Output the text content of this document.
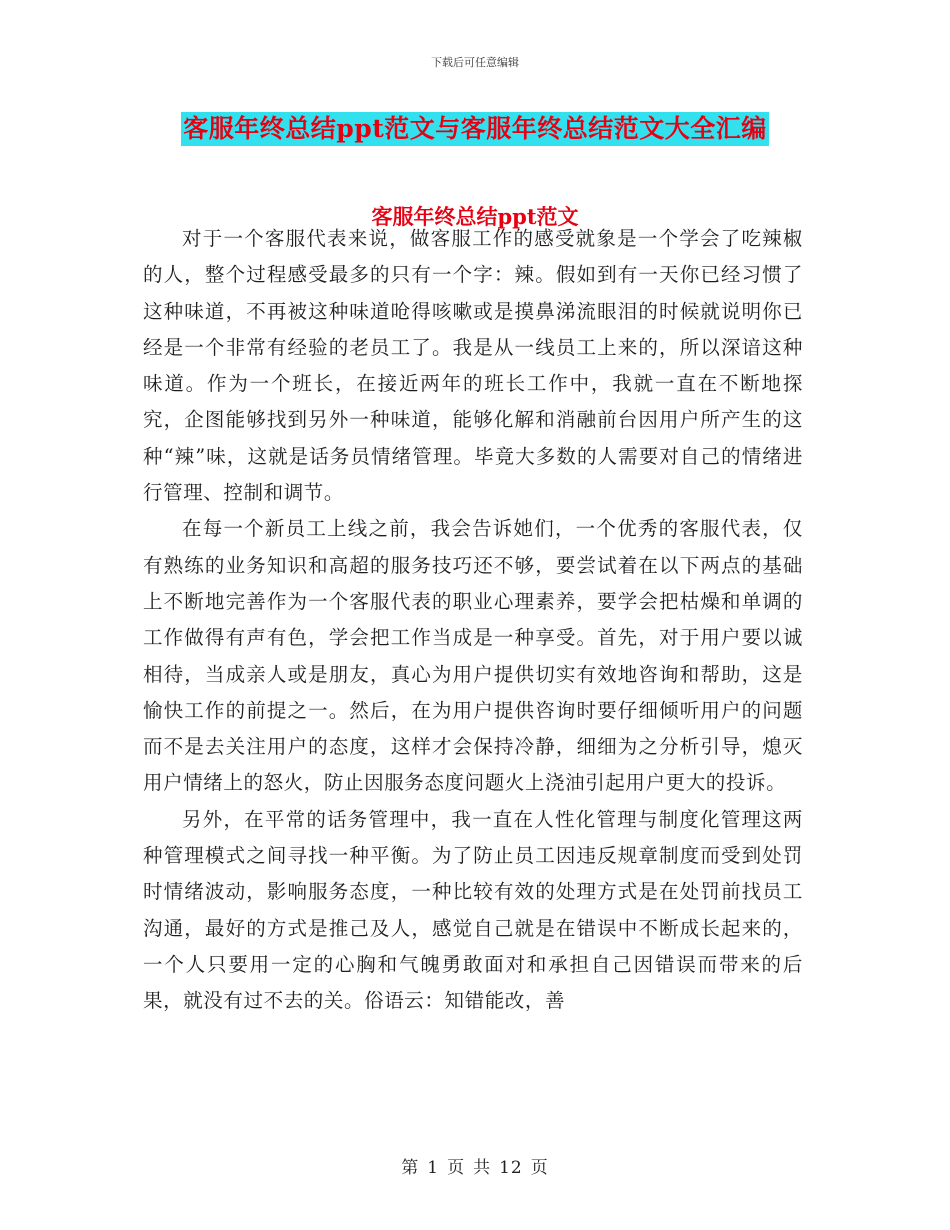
下载后可任意编辑
客服年终总结ppt范文与客服年终总结范文大全汇编
客服年终总结ppt范文

对于一个客服代表来说，做客服工作的感受就象是一个学会了吃辣椒的人，整个过程感受最多的只有一个字：辣。假如到有一天你已经习惯了这种味道，不再被这种味道呛得咳嗽或是摸鼻涕流眼泪的时候就说明你已经是一个非常有经验的老员工了。我是从一线员工上来的，所以深谙这种味道。作为一个班长，在接近两年的班长工作中，我就一直在不断地探究，企图能够找到另外一种味道，能够化解和消融前台因用户所产生的这种“辣”味，这就是话务员情绪管理。毕竟大多数的人需要对自己的情绪进行管理、控制和调节。

在每一个新员工上线之前，我会告诉她们，一个优秀的客服代表，仅有熟练的业务知识和高超的服务技巧还不够，要尝试着在以下两点的基础上不断地完善作为一个客服代表的职业心理素养，要学会把枯燥和单调的工作做得有声有色，学会把工作当成是一种享受。首先，对于用户要以诚相待，当成亲人或是朋友，真心为用户提供切实有效地咨询和帮助，这是愉快工作的前提之一。然后，在为用户提供咨询时要仔细倾听用户的问题而不是去关注用户的态度，这样才会保持冷静，细细为之分析引导，熄灭用户情绪上的怒火，防止因服务态度问题火上浇油引起用户更大的投诉。

另外，在平常的话务管理中，我一直在人性化管理与制度化管理这两种管理模式之间寻找一种平衡。为了防止员工因违反规章制度而受到处罚时情绪波动，影响服务态度，一种比较有效的处理方式是在处罚前找员工沟通，最好的方式是推己及人，感觉自己就是在错误中不断成长起来的，一个人只要用一定的心胸和气魄勇敢面对和承担自己因错误而带来的后果，就没有过不去的关。俗语云：知错能改，善

第 1 页 共 12 页
